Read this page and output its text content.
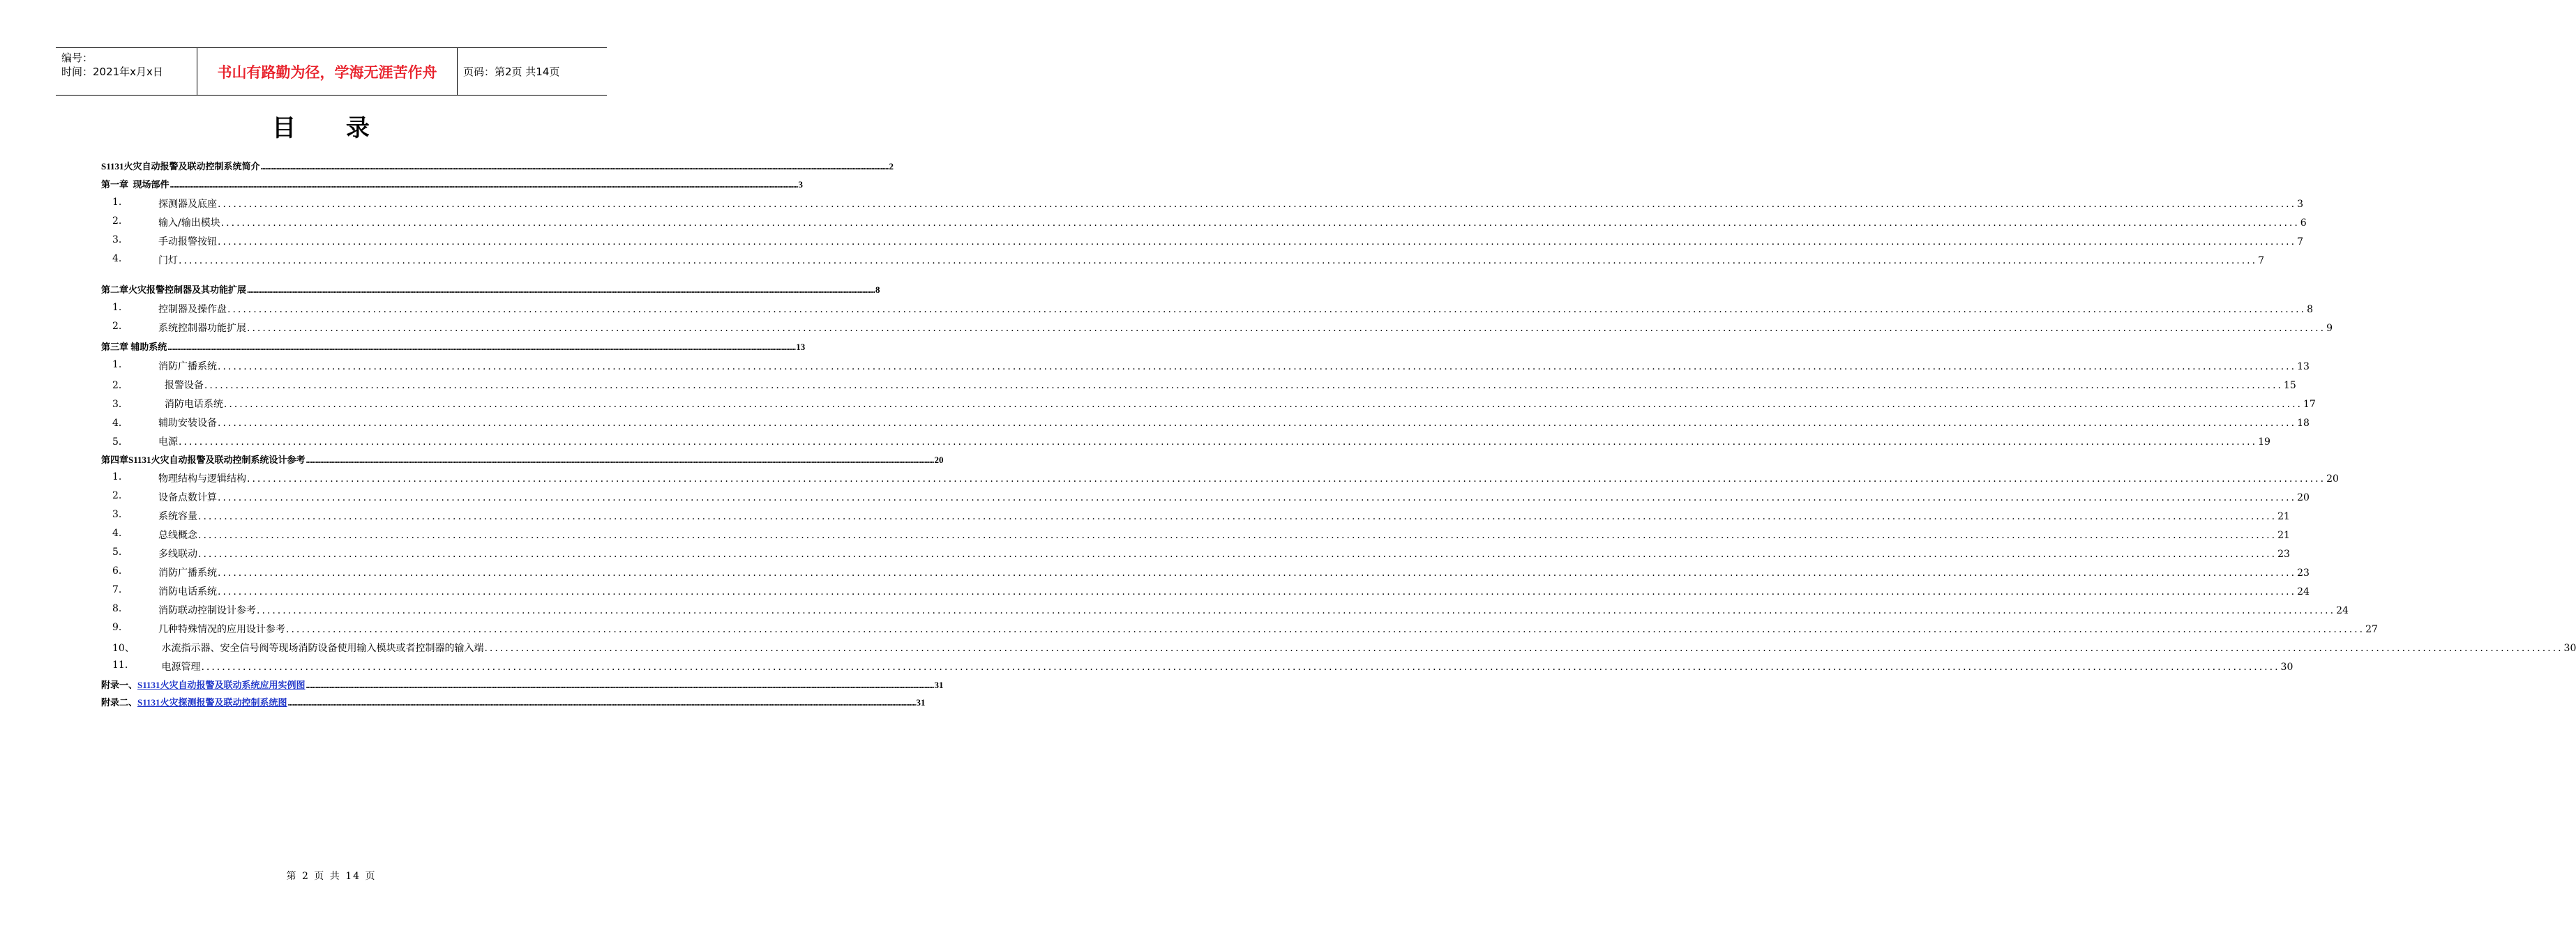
编号：
时间：2021年x月x日	书山有路勤为径，学海无涯苦作舟	页码：第2页 共14页
目 录
S1131火灾自动报警及联动控制系统简介 ................................................................................................................................................................................................................................................................................................................................................................................................................ 2
第一章  现场部件 ................................................................................................................................................................................................................................................................................................................................................................................................................ 3
1.	探测器及底座 ................................................................................................................................................................................................................................................................................................................................................................................................................ 3
2.	输入/输出模块 ................................................................................................................................................................................................................................................................................................................................................................................................................ 6
3.	手动报警按钮 ................................................................................................................................................................................................................................................................................................................................................................................................................ 7
4.	门灯 ................................................................................................................................................................................................................................................................................................................................................................................................................ 7
第二章火灾报警控制器及其功能扩展 ................................................................................................................................................................................................................................................................................................................................................................................................................ 8
1.	控制器及操作盘 ................................................................................................................................................................................................................................................................................................................................................................................................................ 8
2.	系统控制器功能扩展 ................................................................................................................................................................................................................................................................................................................................................................................................................ 9
第三章 辅助系统 ................................................................................................................................................................................................................................................................................................................................................................................................................ 13
1.	消防广播系统 ................................................................................................................................................................................................................................................................................................................................................................................................................ 13
2．	报警设备 ................................................................................................................................................................................................................................................................................................................................................................................................................ 15
3．	消防电话系统 ................................................................................................................................................................................................................................................................................................................................................................................................................ 17
4．	辅助安装设备 ................................................................................................................................................................................................................................................................................................................................................................................................................ 18
5．	电源 ................................................................................................................................................................................................................................................................................................................................................................................................................ 19
第四章S1131火灾自动报警及联动控制系统设计参考 ................................................................................................................................................................................................................................................................................................................................................................................................................ 20
1.	物理结构与逻辑结构 ................................................................................................................................................................................................................................................................................................................................................................................................................ 20
2.	设备点数计算 ................................................................................................................................................................................................................................................................................................................................................................................................................ 20
3.	系统容量 ................................................................................................................................................................................................................................................................................................................................................................................................................ 21
4.	总线概念 ................................................................................................................................................................................................................................................................................................................................................................................................................ 21
5.	多线联动 ................................................................................................................................................................................................................................................................................................................................................................................................................ 23
6.	消防广播系统 ................................................................................................................................................................................................................................................................................................................................................................................................................ 23
7.	消防电话系统 ................................................................................................................................................................................................................................................................................................................................................................................................................ 24
8.	消防联动控制设计参考 ................................................................................................................................................................................................................................................................................................................................................................................................................ 24
9.	几种特殊情况的应用设计参考 ................................................................................................................................................................................................................................................................................................................................................................................................................ 27
10、 水流指示器、安全信号阀等现场消防设备使用输入模块或者控制器的输入端 ................................................................................................................................................................................................................................................................................................................................................................................................................ 30
11.	电源管理 ................................................................................................................................................................................................................................................................................................................................................................................................................ 30
附录一、 S1131火灾自动报警及联动系统应用实例图 ................................................................................................................................................................................................................................................................................................................................................................................................................ 31
附录二、 S1131火灾探测报警及联动控制系统图 ................................................................................................................................................................................................................................................................................................................................................................................................................ 31
第 2 页 共 14 页
